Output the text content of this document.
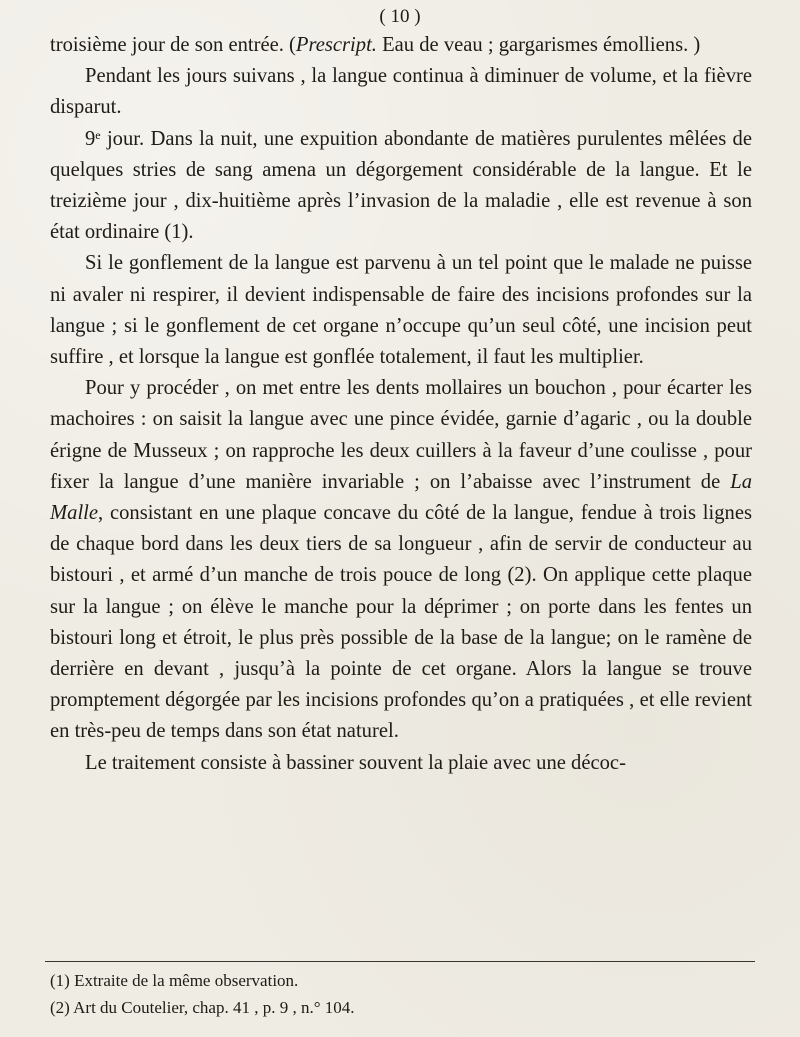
( 10 )

troisième jour de son entrée. (Prescript. Eau de veau ; gargarismes émolliens. )

Pendant les jours suivans , la langue continua à diminuer de volume, et la fièvre disparut.

9e jour. Dans la nuit, une expuition abondante de matières purulentes mêlées de quelques stries de sang amena un dégorgement considérable de la langue. Et le treizième jour , dix-huitième après l’invasion de la maladie , elle est revenue à son état ordinaire (1).

Si le gonflement de la langue est parvenu à un tel point que le malade ne puisse ni avaler ni respirer, il devient indispensable de faire des incisions profondes sur la langue ; si le gonflement de cet organe n’occupe qu’un seul côté, une incision peut suffire , et lorsque la langue est gonflée totalement, il faut les multiplier.

Pour y procéder , on met entre les dents mollaires un bouchon , pour écarter les machoires : on saisit la langue avec une pince évidée, garnie d’agaric , ou la double érigne de Musseux ; on rapproche les deux cuillers à la faveur d’une coulisse , pour fixer la langue d’une manière invariable ; on l’abaisse avec l’instrument de La Malle, consistant en une plaque concave du côté de la langue, fendue à trois lignes de chaque bord dans les deux tiers de sa longueur , afin de servir de conducteur au bistouri , et armé d’un manche de trois pouce de long (2). On applique cette plaque sur la langue ; on élève le manche pour la déprimer ; on porte dans les fentes un bistouri long et étroit, le plus près possible de la base de la langue; on le ramène de derrière en devant , jusqu’à la pointe de cet organe. Alors la langue se trouve promptement dégorgée par les incisions profondes qu’on a pratiquées , et elle revient en très-peu de temps dans son état naturel.

Le traitement consiste à bassiner souvent la plaie avec une décoc-

(1) Extraite de la même observation.

(2) Art du Coutelier, chap. 41 , p. 9 , n.° 104.
